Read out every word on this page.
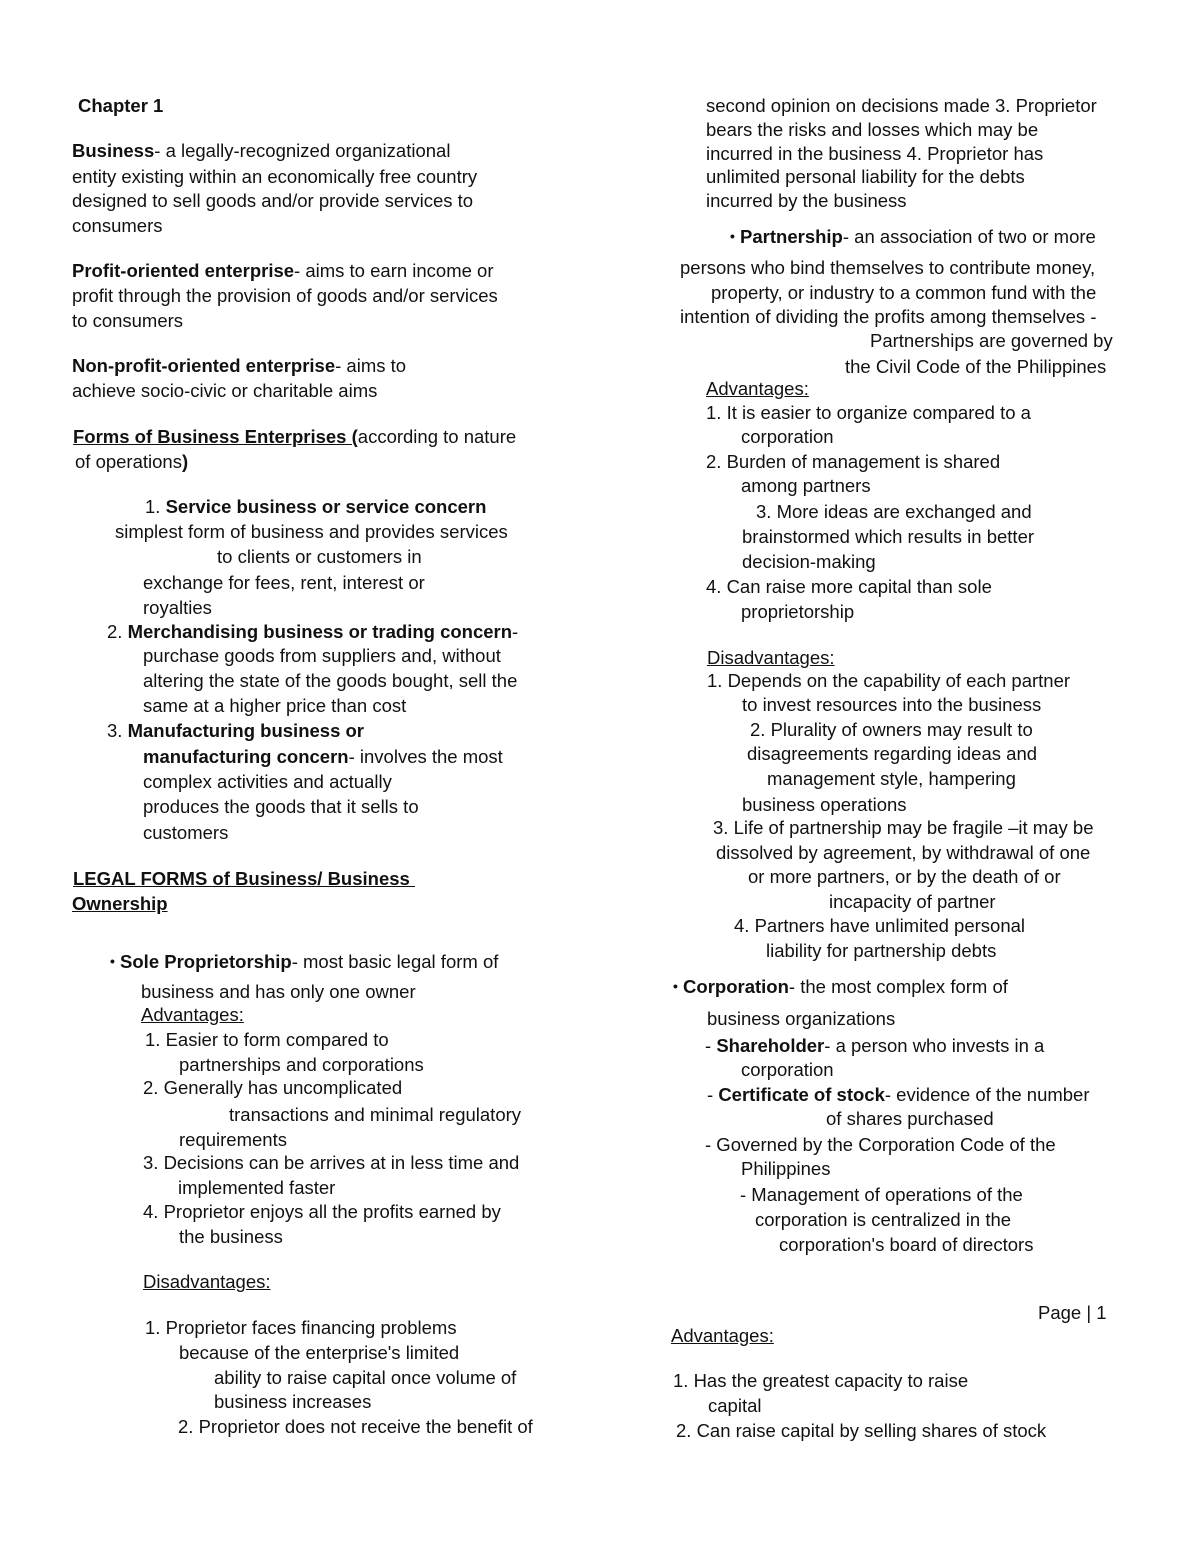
Chapter 1
Business- a legally-recognized organizational
entity existing within an economically free country
designed to sell goods and/or provide services to
consumers
Profit-oriented enterprise- aims to earn income or
profit through the provision of goods and/or services
to consumers
Non-profit-oriented enterprise- aims to
achieve socio-civic or charitable aims
Forms of Business Enterprises (according to nature
of operations)
1. Service business or service concern
simplest form of business and provides services
to clients or customers in
exchange for fees, rent, interest or
royalties
2. Merchandising business or trading concern-
purchase goods from suppliers and, without
altering the state of the goods bought, sell the
same at a higher price than cost
3. Manufacturing business or
manufacturing concern- involves the most
complex activities and actually
produces the goods that it sells to
customers
LEGAL FORMS of Business/ Business
Ownership
• Sole Proprietorship- most basic legal form of
business and has only one owner
Advantages:
1. Easier to form compared to
partnerships and corporations
2. Generally has uncomplicated
transactions and minimal regulatory
requirements
3. Decisions can be arrives at in less time and
implemented faster
4. Proprietor enjoys all the profits earned by
the business
Disadvantages:
1. Proprietor faces financing problems
because of the enterprise's limited
ability to raise capital once volume of
business increases
2. Proprietor does not receive the benefit of
second opinion on decisions made 3. Proprietor
bears the risks and losses which may be
incurred in the business 4. Proprietor has
unlimited personal liability for the debts
incurred by the business
• Partnership- an association of two or more
persons who bind themselves to contribute money,
property, or industry to a common fund with the
intention of dividing the profits among themselves -
Partnerships are governed by
the Civil Code of the Philippines
Advantages:
1. It is easier to organize compared to a
corporation
2. Burden of management is shared
among partners
3. More ideas are exchanged and
brainstormed which results in better
decision-making
4. Can raise more capital than sole
proprietorship
Disadvantages:
1. Depends on the capability of each partner
to invest resources into the business
2. Plurality of owners may result to
disagreements regarding ideas and
management style, hampering
business operations
3. Life of partnership may be fragile –it may be
dissolved by agreement, by withdrawal of one
or more partners, or by the death of or
incapacity of partner
4. Partners have unlimited personal
liability for partnership debts
• Corporation- the most complex form of
business organizations
- Shareholder- a person who invests in a
corporation
- Certificate of stock- evidence of the number
of shares purchased
- Governed by the Corporation Code of the
Philippines
- Management of operations of the
corporation is centralized in the
corporation's board of directors
Page | 1
Advantages:
1. Has the greatest capacity to raise
capital
2. Can raise capital by selling shares of stock
